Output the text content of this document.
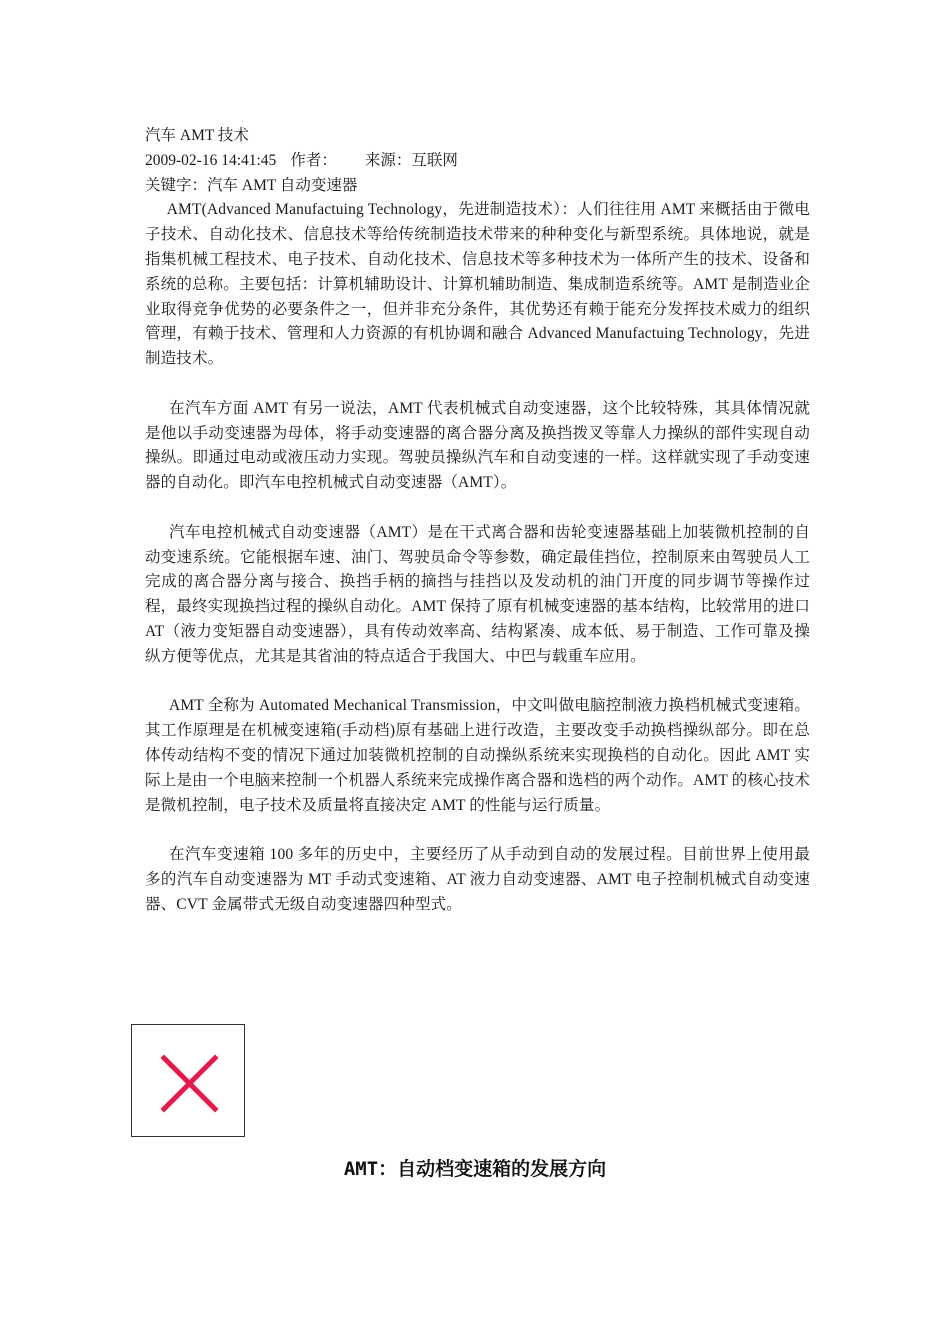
汽车 AMT 技术

2009-02-16 14:41:45 作者： 来源：互联网

关键字：汽车 AMT 自动变速器

AMT(Advanced Manufactuing Technology，先进制造技术）：人们往往用 AMT 来概括由于微电子技术、自动化技术、信息技术等给传统制造技术带来的种种变化与新型系统。具体地说，就是指集机械工程技术、电子技术、自动化技术、信息技术等多种技术为一体所产生的技术、设备和系统的总称。主要包括：计算机辅助设计、计算机辅助制造、集成制造系统等。AMT 是制造业企业取得竞争优势的必要条件之一，但并非充分条件，其优势还有赖于能充分发挥技术威力的组织管理，有赖于技术、管理和人力资源的有机协调和融合 Advanced Manufactuing Technology，先进制造技术。

在汽车方面 AMT 有另一说法，AMT 代表机械式自动变速器，这个比较特殊，其具体情况就是他以手动变速器为母体，将手动变速器的离合器分离及换挡拨叉等靠人力操纵的部件实现自动操纵。即通过电动或液压动力实现。驾驶员操纵汽车和自动变速的一样。这样就实现了手动变速器的自动化。即汽车电控机械式自动变速器（AMT）。

汽车电控机械式自动变速器（AMT）是在干式离合器和齿轮变速器基础上加装微机控制的自动变速系统。它能根据车速、油门、驾驶员命令等参数，确定最佳挡位，控制原来由驾驶员人工完成的离合器分离与接合、换挡手柄的摘挡与挂挡以及发动机的油门开度的同步调节等操作过程，最终实现换挡过程的操纵自动化。AMT 保持了原有机械变速器的基本结构，比较常用的进口 AT（液力变矩器自动变速器），具有传动效率高、结构紧凑、成本低、易于制造、工作可靠及操纵方便等优点，尤其是其省油的特点适合于我国大、中巴与载重车应用。

AMT 全称为 Automated Mechanical Transmission，中文叫做电脑控制液力换档机械式变速箱。其工作原理是在机械变速箱(手动档)原有基础上进行改造，主要改变手动换档操纵部分。即在总体传动结构不变的情况下通过加装微机控制的自动操纵系统来实现换档的自动化。因此 AMT 实际上是由一个电脑来控制一个机器人系统来完成操作离合器和选档的两个动作。AMT 的核心技术是微机控制，电子技术及质量将直接决定 AMT 的性能与运行质量。

在汽车变速箱 100 多年的历史中，主要经历了从手动到自动的发展过程。目前世界上使用最多的汽车自动变速器为 MT 手动式变速箱、AT 液力自动变速器、AMT 电子控制机械式自动变速器、CVT 金属带式无级自动变速器四种型式。

AMT：自动档变速箱的发展方向
